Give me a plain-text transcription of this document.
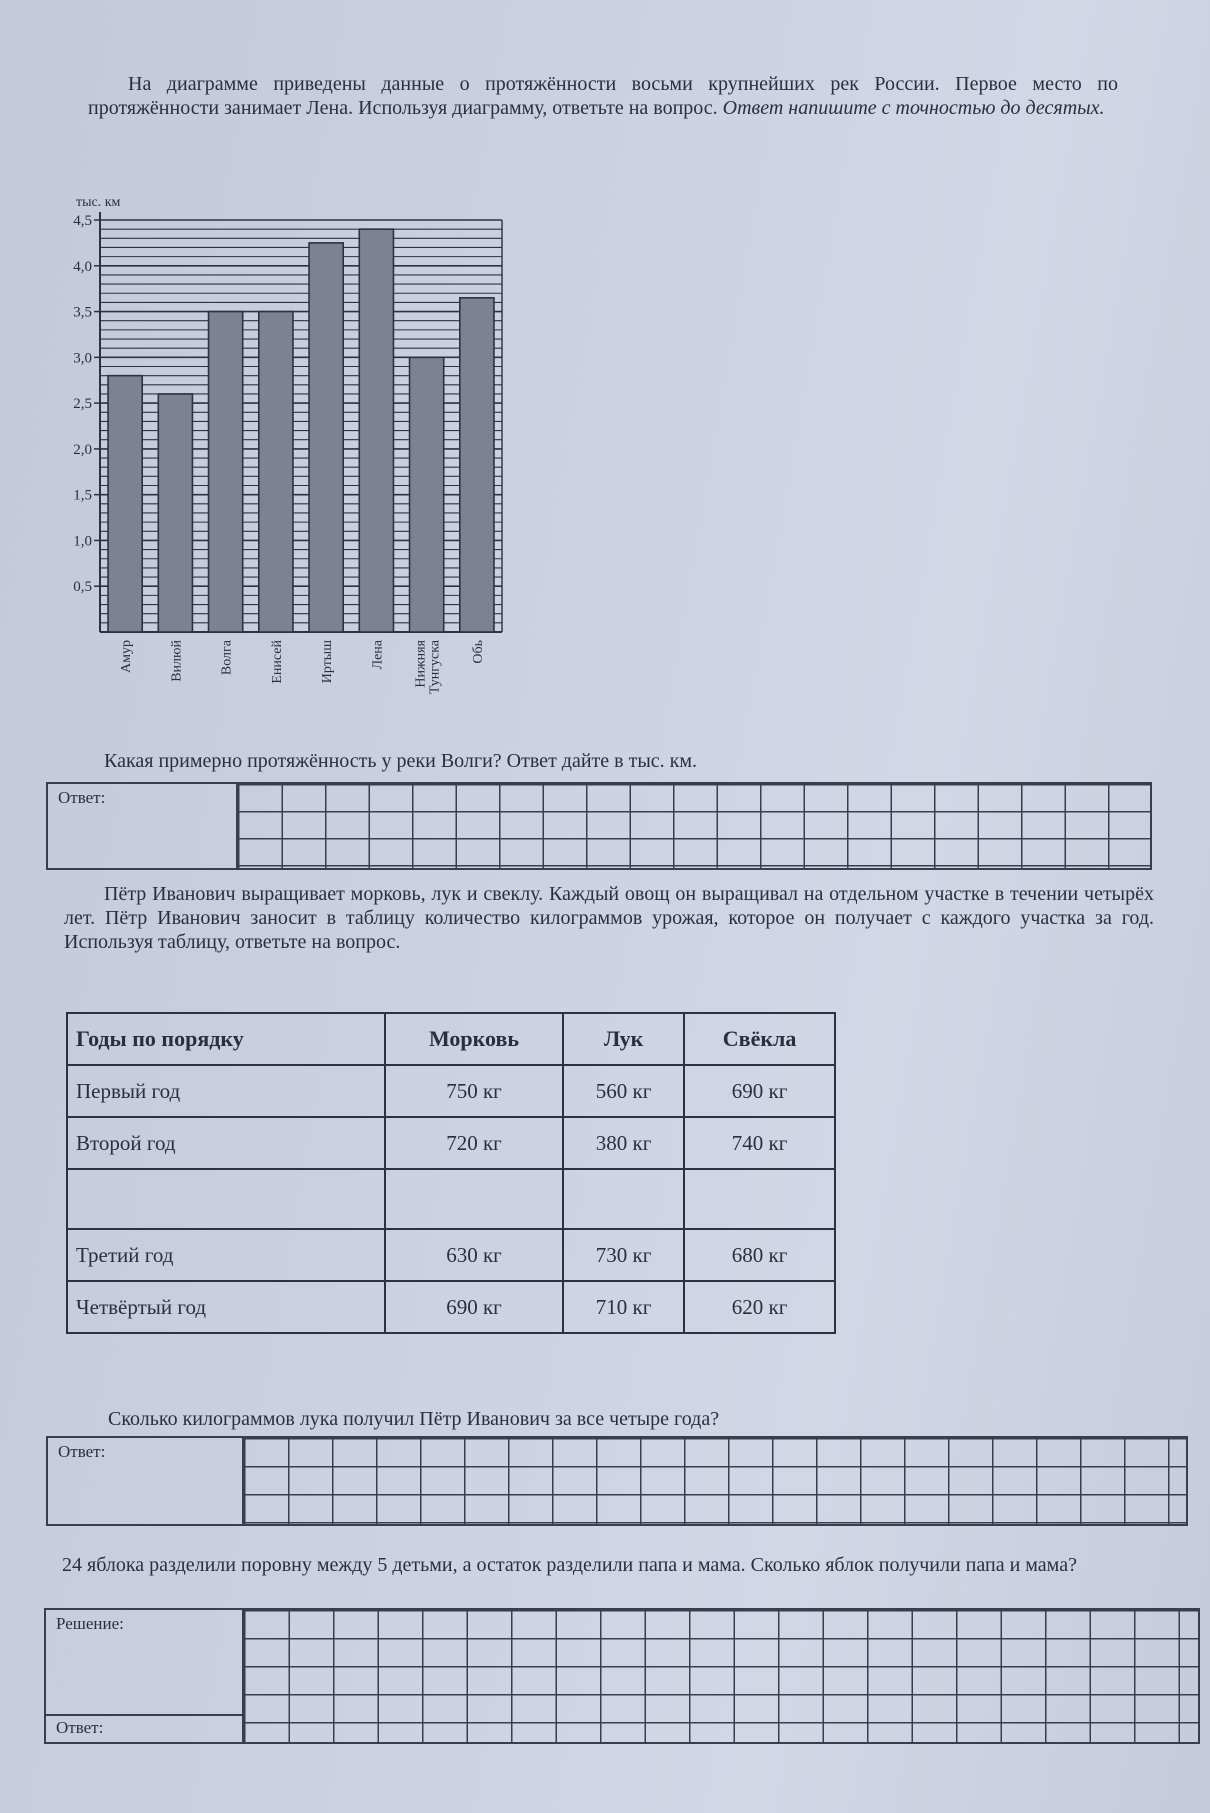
На диаграмме приведены данные о протяжённости восьми крупнейших рек России. Первое место по протяжённости занимает Лена. Используя диаграмму, ответьте на вопрос. Ответ напишите с точностью до десятых.
0,5
1,0
1,5
2,0
2,5
3,0
3,5
4,0
4,5
Амур	Вилюй	Волга	Енисей	Иртыш	Лена Нижняя Тунгуска Обь
тыс. км
Какая примерно протяжённость у реки Волги? Ответ дайте в тыс. км.
Ответ:
Пётр Иванович выращивает морковь, лук и свеклу. Каждый овощ он выращивал на отдельном участке в течении четырёх лет. Пётр Иванович заносит в таблицу количество килограммов урожая, которое он получает с каждого участка за год. Используя таблицу, ответьте на вопрос.
Годы по порядку	Морковь	Лук	Свёкла
Первый год	750 кг	560 кг	690 кг
Второй год	720 кг	380 кг	740 кг

Третий год	630 кг	730 кг	680 кг
Четвёртый год	690 кг	710 кг	620 кг
Сколько килограммов лука получил Пётр Иванович за все четыре года?
Ответ:
24 яблока разделили поровну между 5 детьми, а остаток разделили папа и мама. Сколько яблок получили папа и мама?
Решение:
Ответ:
